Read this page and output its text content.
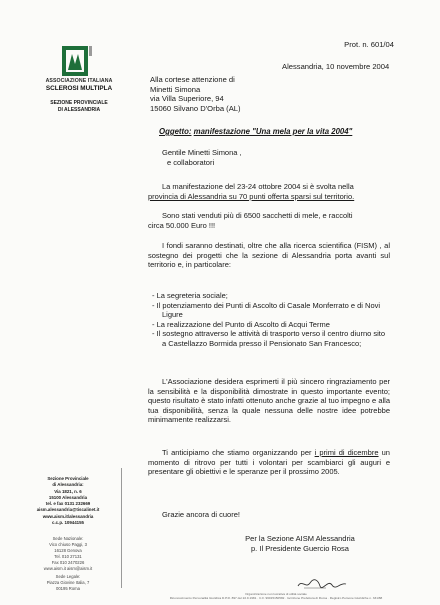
ASSOCIAZIONE ITALIANA
SCLEROSI MULTIPLA
SEZIONE PROVINCIALE
DI ALESSANDRIA
Prot. n. 601/04
Alessandria, 10 novembre 2004
Alla cortese attenzione di
Minetti Simona
via Villa Superiore, 94
15060 Silvano D'Orba (AL)
Oggetto: manifestazione "Una mela per la vita 2004"
Gentile Minetti Simona ,
e collaboratori
La manifestazione del 23-24 ottobre 2004 si è svolta nella
provincia di Alessandria su 70 punti offerta sparsi sul territorio.
Sono stati venduti più di 6500 sacchetti di mele, e raccolti
circa 50.000 Euro !!!
I fondi saranno destinati, oltre che alla ricerca scientifica (FISM) , al sostegno dei progetti che la sezione di Alessandria porta avanti sul territorio e, in particolare:
- La segreteria sociale;
- Il potenziamento dei Punti di Ascolto di Casale Monferrato e di Novi Ligure
- La realizzazione del Punto di Ascolto di Acqui Terme
- Il sostegno attraverso le attività di trasporto verso il centro diurno sito a Castellazzo Bormida presso il Pensionato San Francesco;
L'Associazione desidera esprimerti il più sincero ringraziamento per la sensibilità e la disponibilità dimostrate in questo importante evento; questo risultato è stato infatti ottenuto anche grazie al tuo impegno e alla tua disponibilità, senza la quale nessuna delle nostre idee potrebbe minimamente realizzarsi.
Ti anticipiamo che stiamo organizzando per i primi di dicembre un momento di ritrovo per tutti i volontari per scambiarci gli auguri e presentare gli obiettivi e le speranze per il prossimo 2005.
Grazie ancora di cuore!
Per la Sezione AISM Alessandria
p. Il Presidente Guercio Rosa
Sezione Provinciale
di Alessandria:
Via 1821, n. 6
15100 Alessandria
tel. e fax 0131 232669
aism.alessandria@tiscalinet.it
www.aism.it/alessandria
c.c.p. 10944155
Sede Nazionale:
Vico chiuso Paggi, 3
16128 Genova
Tel. 010 27131
Fax 010 2470226
www.aism.it aism@aism.it
Sede Legale:
Piazza Giovine Italia, 7
00195 Roma
Organizzazione non lucrativa di utilità sociale
Riconoscimento Personalità Giuridica D.P.R. 897 del 22.9.1981 · C.F. 96015150582 · Iscrizione Prefettura di Roma · Registro Persone Giuridiche n. 331/88
